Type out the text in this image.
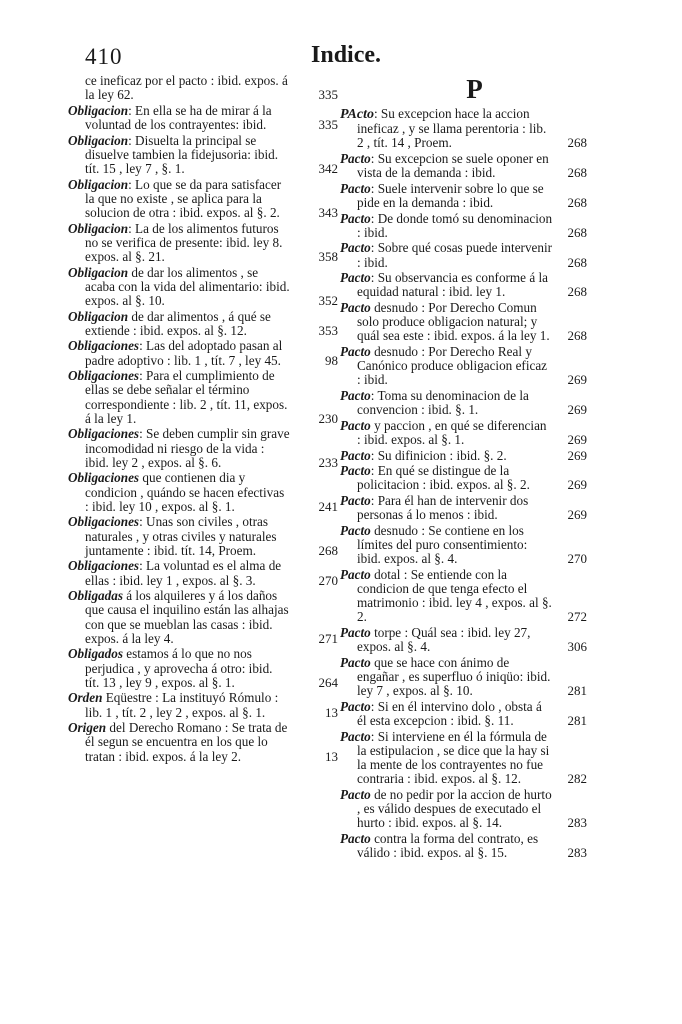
410	Indice.
ce ineficaz por el pacto : ibid. expos. á la ley 62.	335
Obligacion: En ella se ha de mirar á la voluntad de los contrayentes: ibid.	335
Obligacion: Disuelta la principal se disuelve tambien la fidejusoria: ibid. tít. 15 , ley 7 , §. 1.	342
Obligacion: Lo que se da para satisfacer la que no existe , se aplica para la solucion de otra : ibid. expos. al §. 2.	343
Obligacion: La de los alimentos futuros no se verifica de presente: ibid. ley 8. expos. al §. 21.	358
Obligacion de dar los alimentos , se acaba con la vida del alimentario: ibid. expos. al §. 10.	352
Obligacion de dar alimentos , á qué se extiende : ibid. expos. al §. 12.	353
Obligaciones: Las del adoptado pasan al padre adoptivo : lib. 1 , tít. 7 , ley 45.	98
Obligaciones: Para el cumplimiento de ellas se debe señalar el término correspondiente : lib. 2 , tít. 11, expos. á la ley 1.	230
Obligaciones: Se deben cumplir sin grave incomodidad ni riesgo de la vida : ibid. ley 2 , expos. al §. 6.	233
Obligaciones que contienen dia y condicion , quándo se hacen efectivas : ibid. ley 10 , expos. al §. 1.	241
Obligaciones: Unas son civiles , otras naturales , y otras civiles y naturales juntamente : ibid. tít. 14, Proem.	268
Obligaciones: La voluntad es el alma de ellas : ibid. ley 1 , expos. al §. 3.	270
Obligadas á los alquileres y á los daños que causa el inquilino están las alhajas con que se mueblan las casas : ibid. expos. á la ley 4.	271
Obligados estamos á lo que no nos perjudica , y aprovecha á otro: ibid. tít. 13 , ley 9 , expos. al §. 1.	264
Orden Eqüestre : La instituyó Rómulo : lib. 1 , tít. 2 , ley 2 , expos. al §. 1.	13
Origen del Derecho Romano : Se trata de él segun se encuentra en los que lo tratan : ibid. expos. á la ley 2.	13
P
PActo: Su excepcion hace la accion ineficaz , y se llama perentoria : lib. 2 , tít. 14 , Proem.	268
Pacto: Su excepcion se suele oponer en vista de la demanda : ibid.	268
Pacto: Suele intervenir sobre lo que se pide en la demanda : ibid.	268
Pacto: De donde tomó su denominacion : ibid.	268
Pacto: Sobre qué cosas puede intervenir : ibid.	268
Pacto: Su observancia es conforme á la equidad natural : ibid. ley 1.	268
Pacto desnudo : Por Derecho Comun solo produce obligacion natural; y quál sea este : ibid. expos. á la ley 1. 268
Pacto desnudo : Por Derecho Real y Canónico produce obligacion eficaz : ibid.	269
Pacto: Toma su denominacion de la convencion : ibid. §. 1.	269
Pacto y paccion , en qué se diferencian : ibid. expos. al §. 1.	269
Pacto: Su difinicion : ibid. §. 2.	269
Pacto: En qué se distingue de la policitacion : ibid. expos. al §. 2.	269
Pacto: Para él han de intervenir dos personas á lo menos : ibid.	269
Pacto desnudo : Se contiene en los límites del puro consentimiento: ibid. expos. al §. 4.	270
Pacto dotal : Se entiende con la condicion de que tenga efecto el matrimonio : ibid. ley 4 , expos. al §. 2.	272
Pacto torpe : Quál sea : ibid. ley 27, expos. al §. 4.	306
Pacto que se hace con ánimo de engañar , es superfluo ó iniqüo: ibid. ley 7 , expos. al §. 10.	281
Pacto: Si en él intervino dolo , obsta á él esta excepcion : ibid. §. 11.	281
Pacto: Si interviene en él la fórmula de la estipulacion , se dice que la hay si la mente de los contrayentes no fue contraria : ibid. expos. al §. 12.	282
Pacto de no pedir por la accion de hurto , es válido despues de executado el hurto : ibid. expos. al §. 14.	283
Pacto contra la forma del contrato, es válido : ibid. expos. al §. 15.	283
